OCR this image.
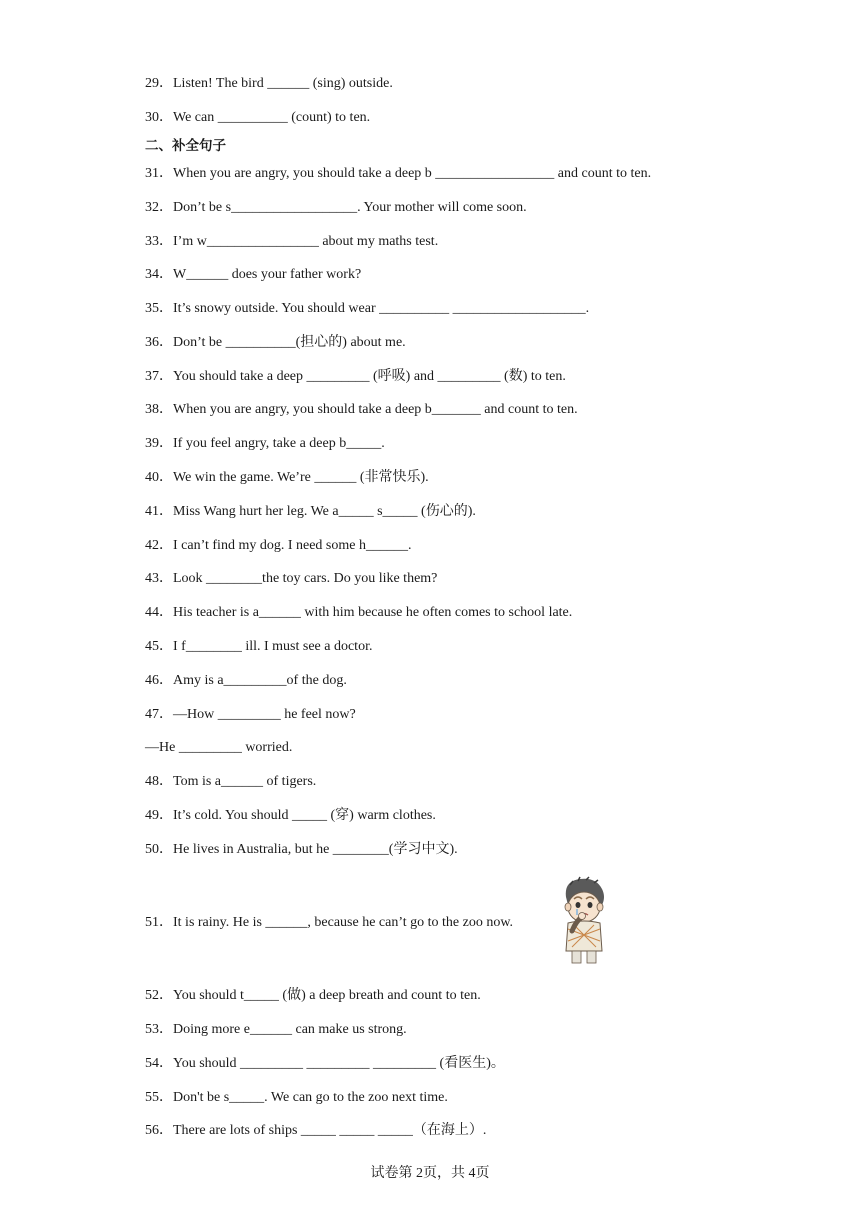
29．Listen! The bird ______ (sing) outside.
30．We can __________ (count) to ten.
二、补全句子
31．When you are angry, you should take a deep b _________________ and count to ten.
32．Don’t be s__________________. Your mother will come soon.
33．I’m w________________ about my maths test.
34．W______ does your father work?
35．It’s snowy outside. You should wear __________ ___________________.
36．Don’t be __________(担心的) about me.
37．You should take a deep _________ (呼吸) and _________ (数) to ten.
38．When you are angry, you should take a deep b_______ and count to ten.
39．If you feel angry, take a deep b_____.
40．We win the game. We’re ______ (非常快乐).
41．Miss Wang hurt her leg. We a_____ s_____ (伤心的).
42．I can’t find my dog. I need some h______.
43．Look ________the toy cars. Do you like them?
44．His teacher is a______ with him because he often comes to school late.
45．I f________ ill. I must see a doctor.
46．Amy is a_________of the dog.
47．—How _________ he feel now?
—He _________ worried.
48．Tom is a______ of tigers.
49．It’s cold. You should _____ (穿) warm clothes.
50．He lives in Australia, but he ________(学习中文).
51．It is rainy. He is ______, because he can’t go to the zoo now.
52．You should t_____ (做) a deep breath and count to ten.
53．Doing more e______ can make us strong.
54．You should _________ _________ _________ (看医生)。
55．Don't be s_____. We can go to the zoo next time.
56．There are lots of ships _____ _____ _____（在海上）.
试卷第 2页，共 4页
